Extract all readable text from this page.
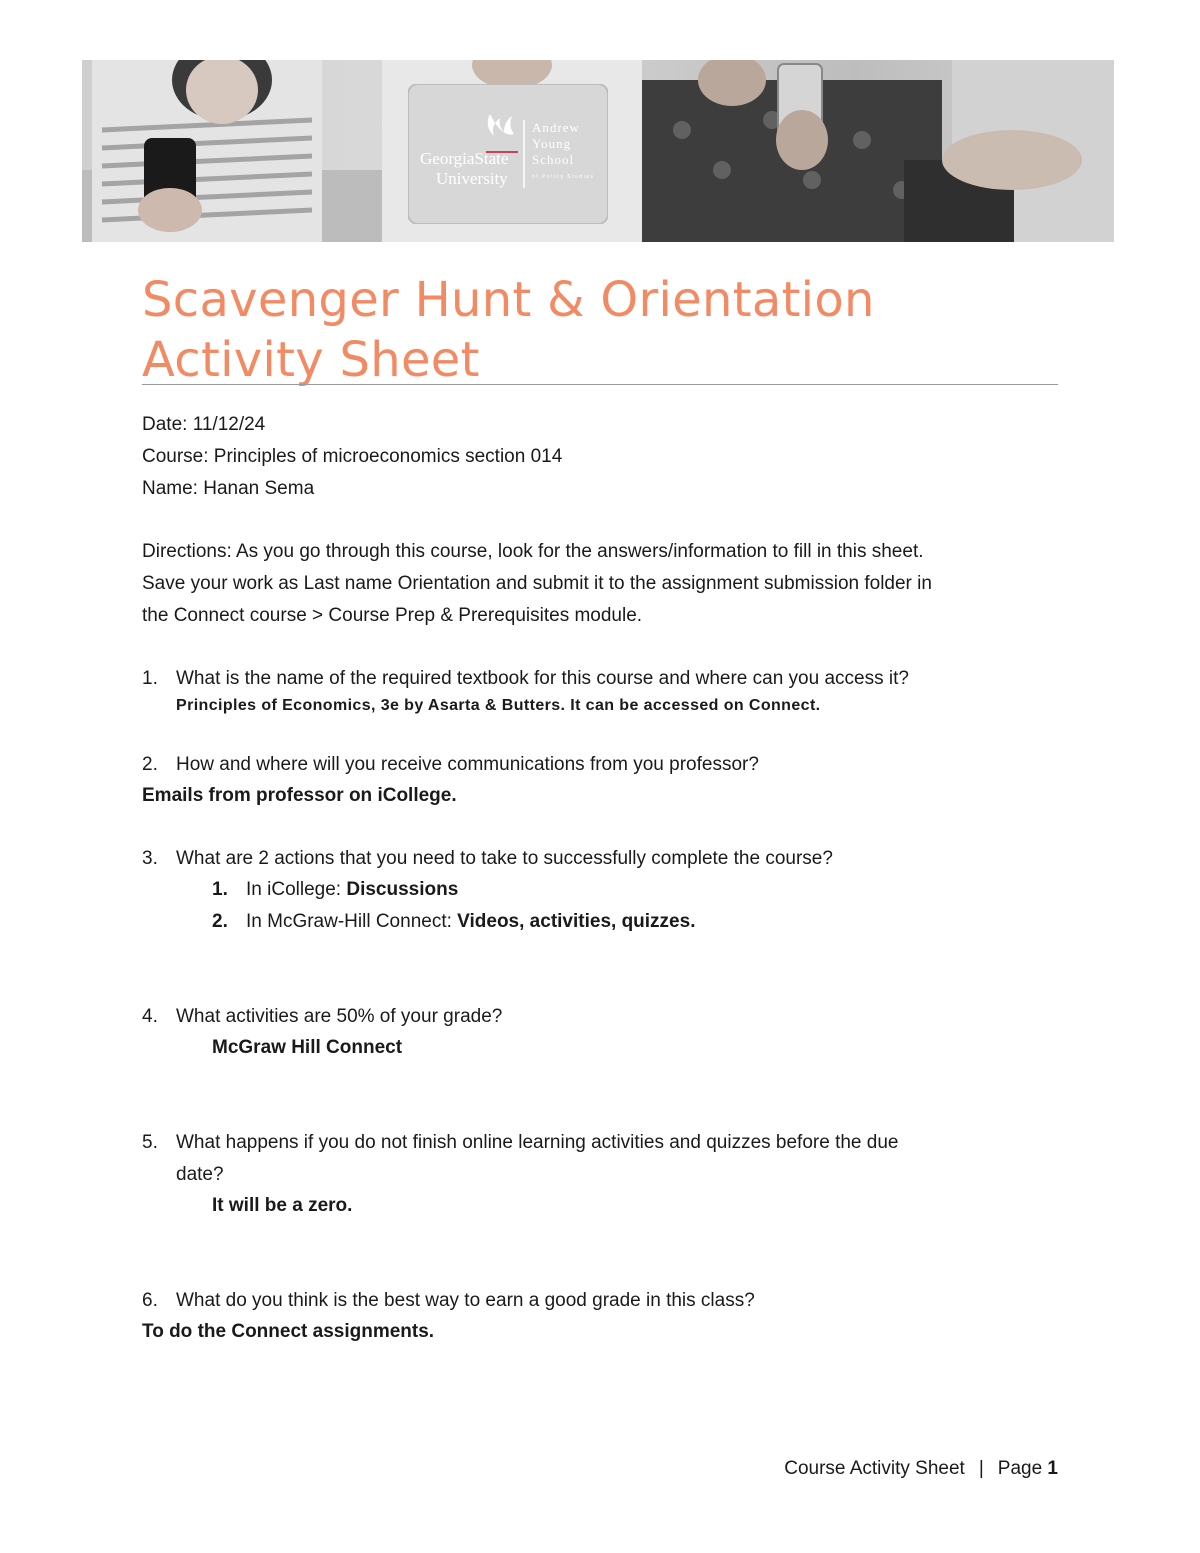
GeorgiaState
University
Andrew
Young
School
of Policy Studies
Scavenger Hunt & Orientation
Activity Sheet
Date: 11/12/24
Course: Principles of microeconomics section 014
Name: Hanan Sema
Directions: As you go through this course, look for the answers/information to fill in this sheet.
Save your work as Last name Orientation and submit it to the assignment submission folder in
the Connect course > Course Prep & Prerequisites module.
1. What is the name of the required textbook for this course and where can you access it?
Principles of Economics, 3e by Asarta & Butters. It can be accessed on Connect.
2. How and where will you receive communications from you professor?
Emails from professor on iCollege.
3. What are 2 actions that you need to take to successfully complete the course?
1. In iCollege: Discussions
2. In McGraw-Hill Connect: Videos, activities, quizzes.
4. What activities are 50% of your grade?
McGraw Hill Connect
5. What happens if you do not finish online learning activities and quizzes before the due
date?
It will be a zero.
6. What do you think is the best way to earn a good grade in this class?
To do the Connect assignments.
Course Activity Sheet | Page 1
